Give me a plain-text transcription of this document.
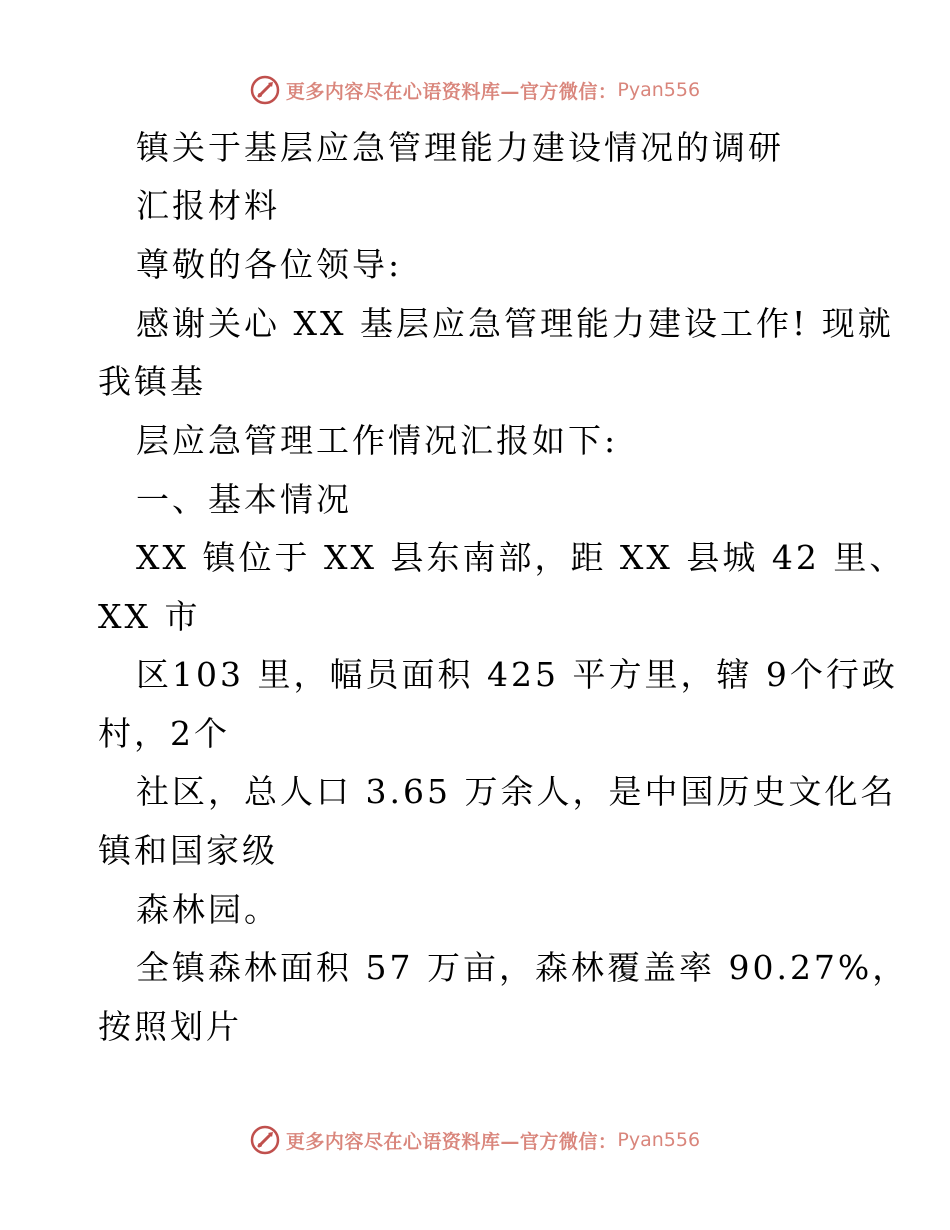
更多内容尽在心语资料库—官方微信： Pyan556
镇关于基层应急管理能力建设情况的调研
汇报材料
尊敬的各位领导:
感谢关心 XX 基层应急管理能力建设工作! 现就
我镇基
层应急管理工作情况汇报如下:
一、基本情况
XX 镇位于 XX 县东南部，距 XX 县城 42 里、
XX 市
区103 里，幅员面积 425 平方里，辖 9个行政
村，2个
社区，总人口 3.65 万余人，是中国历史文化名
镇和国家级
森林园。
全镇森林面积 57 万亩，森林覆盖率 90.27%，
按照划片
更多内容尽在心语资料库—官方微信： Pyan556
